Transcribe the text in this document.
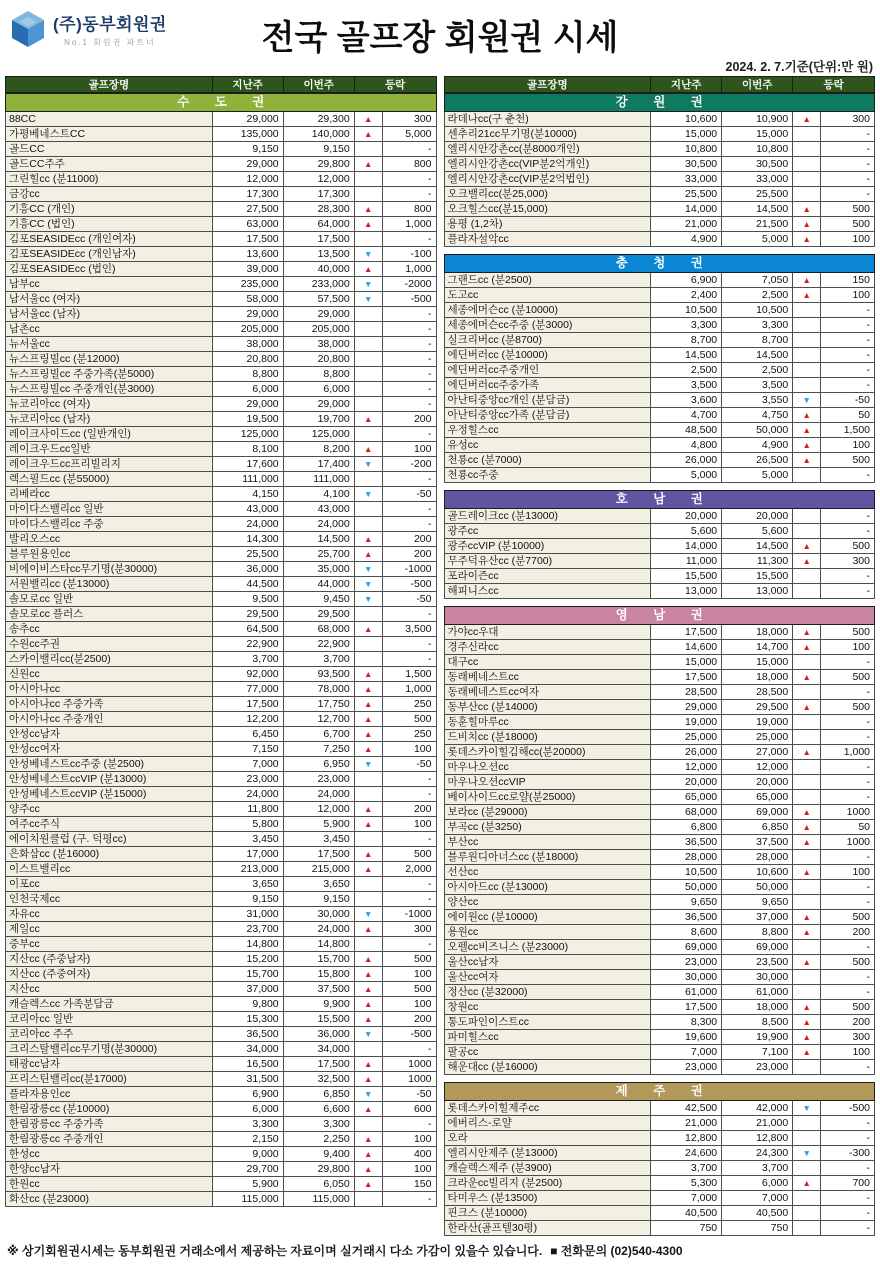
(주)동부회원권
No.1 회원권 파트너	전국 골프장 회원권 시세
2024. 2. 7.기준(단위:만 원)
골프장명	지난주	이번주	등락
수 도 권				
88CC	29,000	29,300	▲	300
가평베네스트CC	135,000	140,000	▲	5,000
골드CC	9,150	9,150		-
골드CC주주	29,000	29,800	▲	800
그린힐cc (분11000)	12,000	12,000		-
금강cc	17,300	17,300		-
기흥CC (개인)	27,500	28,300	▲	800
기흥CC (법인)	63,000	64,000	▲	1,000
김포SEASIDEcc (개인여자)	17,500	17,500		-
김포SEASIDEcc (개인남자)	13,600	13,500	▼	-100
김포SEASIDEcc (법인)	39,000	40,000	▲	1,000
남부cc	235,000	233,000	▼	-2000
남서울cc (여자)	58,000	57,500	▼	-500
남서울cc (남자)	29,000	29,000		-
남촌cc	205,000	205,000		-
뉴서울cc	38,000	38,000		-
뉴스프링빌cc (분12000)	20,800	20,800		-
뉴스프링빌cc 주중가족(분5000)	8,800	8,800		-
뉴스프링빌cc 주중개인(분3000)	6,000	6,000		-
뉴코리아cc (여자)	29,000	29,000		-
뉴코리아cc (남자)	19,500	19,700	▲	200
레이크사이드cc (일반개인)	125,000	125,000		-
레이크우드cc일반	8,100	8,200	▲	100
레이크우드cc프리빌리지	17,600	17,400	▼	-200
렉스필드cc (분55000)	111,000	111,000		-
리베라cc	4,150	4,100	▼	-50
마이다스밸리cc 일반	43,000	43,000		-
마이다스밸리cc 주중	24,000	24,000		-
발리오스cc	14,300	14,500	▲	200
블루원용인cc	25,500	25,700	▲	200
비에이비스타cc무기명(분30000)	36,000	35,000	▼	-1000
서원밸리cc (분13000)	44,500	44,000	▼	-500
솔모로cc 일반	9,500	9,450	▼	-50
솔모로cc 플러스	29,500	29,500		-
송추cc	64,500	68,000	▲	3,500
수원cc주권	22,900	22,900		-
스카이밸리cc(분2500)	3,700	3,700		-
신원cc	92,000	93,500	▲	1,500
아시아나cc	77,000	78,000	▲	1,000
아시아나cc 주중가족	17,500	17,750	▲	250
아시아나cc 주중개인	12,200	12,700	▲	500
안성cc남자	6,450	6,700	▲	250
안성cc여자	7,150	7,250	▲	100
안성베네스트cc주중 (분2500)	7,000	6,950	▼	-50
안성베네스트ccVIP (분13000)	23,000	23,000		-
안성베네스트ccVIP (분15000)	24,000	24,000		-
양주cc	11,800	12,000	▲	200
여주cc주식	5,800	5,900	▲	100
에이치원클럽 (구. 덕평cc)	3,450	3,450		-
은화삼cc (분16000)	17,000	17,500	▲	500
이스트밸리cc	213,000	215,000	▲	2,000
이포cc	3,650	3,650		-
인천국제cc	9,150	9,150		-
자유cc	31,000	30,000	▼	-1000
제일cc	23,700	24,000	▲	300
중부cc	14,800	14,800		-
지산cc (주중남자)	15,200	15,700	▲	500
지산cc (주중여자)	15,700	15,800	▲	100
지산cc	37,000	37,500	▲	500
캐슬렉스cc 가족분담금	9,800	9,900	▲	100
코리아cc 일반	15,300	15,500	▲	200
코리아cc 주주	36,500	36,000	▼	-500
크리스탈밸리cc무기명(분30000)	34,000	34,000		-
태광cc남자	16,500	17,500	▲	1000
프리스틴밸리cc(분17000)	31,500	32,500	▲	1000
플라자용인cc	6,900	6,850	▼	-50
한림광릉cc (분10000)	6,000	6,600	▲	600
한림광릉cc 주중가족	3,300	3,300		-
한림광릉cc 주중개인	2,150	2,250	▲	100
한성cc	9,000	9,400	▲	400
한양cc남자	29,700	29,800	▲	100
한원cc	5,900	6,050	▲	150
화산cc (분23000)	115,000	115,000		-
골프장명	지난주	이번주	등락
강 원 권				
라데나cc(구 춘천)	10,600	10,900	▲	300
센추리21cc무기명(분10000)	15,000	15,000		-
엘리시안강촌cc(분8000개인)	10,800	10,800		-
엘리시안강촌cc(VIP분2억개인)	30,500	30,500		-
엘리시안강촌cc(VIP분2억법인)	33,000	33,000		-
오크밸리cc(분25,000)	25,500	25,500		-
오크힐스cc(분15,000)	14,000	14,500	▲	500
용평 (1,2차)	21,000	21,500	▲	500
플라자설악cc	4,900	5,000	▲	100
충 청 권				
그랜드cc (분2500)	6,900	7,050	▲	150
도고cc	2,400	2,500	▲	100
세종에머슨cc (분10000)	10,500	10,500		-
세종에머슨cc주중 (분3000)	3,300	3,300		-
실크리버cc (분8700)	8,700	8,700		-
에딘버러cc (분10000)	14,500	14,500		-
에딘버러cc주중개인	2,500	2,500		-
에딘버러cc주중가족	3,500	3,500		-
아난티중앙cc개인 (분담금)	3,600	3,550	▼	-50
아난티중앙cc가족 (분담금)	4,700	4,750	▲	50
우정힐스cc	48,500	50,000	▲	1,500
유성cc	4,800	4,900	▲	100
천룡cc (분7000)	26,000	26,500	▲	500
천룡cc주중	5,000	5,000		-
호 남 권				
골드레이크cc (분13000)	20,000	20,000		-
광주cc	5,600	5,600		-
광주ccVIP (분10000)	14,000	14,500	▲	500
무주덕유산cc (분7700)	11,000	11,300	▲	300
포라이즌cc	15,500	15,500		-
해피니스cc	13,000	13,000		-
영 남 권				
가야cc우대	17,500	18,000	▲	500
경주신라cc	14,600	14,700	▲	100
대구cc	15,000	15,000		-
동래베네스트cc	17,500	18,000	▲	500
동래베네스트cc여자	28,500	28,500		-
동부산cc (분14000)	29,000	29,500	▲	500
동훈힐마루cc	19,000	19,000		-
드비치cc (분18000)	25,000	25,000		-
롯데스카이힐김해cc(분20000)	26,000	27,000	▲	1,000
마우나오션cc	12,000	12,000		-
마우나오션ccVIP	20,000	20,000		-
베이사이드cc로얄(분25000)	65,000	65,000		-
보라cc (분29000)	68,000	69,000	▲	1000
부곡cc (분3250)	6,800	6,850	▲	50
부산cc	36,500	37,500	▲	1000
블루원디아너스cc (분18000)	28,000	28,000		-
선산cc	10,500	10,600	▲	100
아시아드cc (분13000)	50,000	50,000		-
양산cc	9,650	9,650		-
에이원cc (분10000)	36,500	37,000	▲	500
용원cc	8,600	8,800	▲	200
오펠cc비즈니스 (분23000)	69,000	69,000		-
울산cc남자	23,000	23,500	▲	500
울산cc여자	30,000	30,000		-
정산cc (분32000)	61,000	61,000		-
창원cc	17,500	18,000	▲	500
통도파인이스트cc	8,300	8,500	▲	200
파미힐스cc	19,600	19,900	▲	300
팔공cc	7,000	7,100	▲	100
해운대cc (분16000)	23,000	23,000		-
제 주 권				
롯데스카이힐제주cc	42,500	42,000	▼	-500
에버리스-로얄	21,000	21,000		-
오라	12,800	12,800		-
엘리시안제주 (분13000)	24,600	24,300	▼	-300
캐슬렉스제주 (분3900)	3,700	3,700		-
크라운cc빌리지 (분2500)	5,300	6,000	▲	700
타미우스 (분13500)	7,000	7,000		-
핀크스 (분10000)	40,500	40,500		-
한라산(골프텔30평)	750	750		-
※ 상기회원권시세는 동부회원권 거래소에서 제공하는 자료이며 실거래시 다소 가감이 있을수 있습니다. ■ 전화문의 (02)540-4300
